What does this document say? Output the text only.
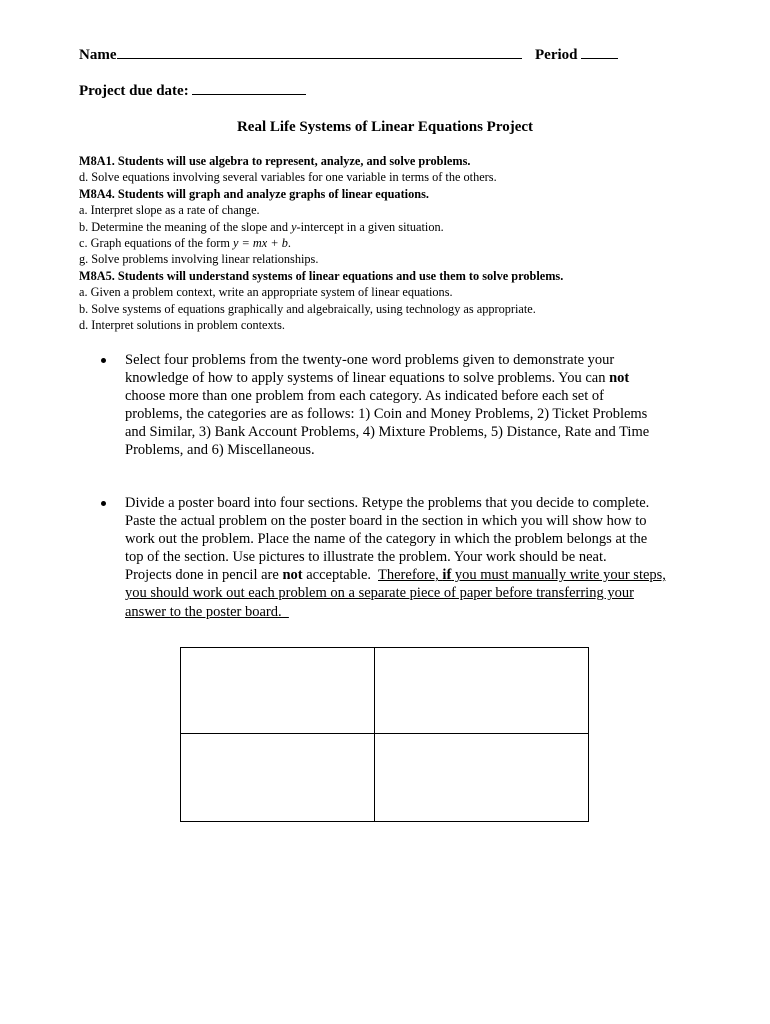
Name	Period
Project due date:
Real Life Systems of Linear Equations Project
M8A1. Students will use algebra to represent, analyze, and solve problems.
d. Solve equations involving several variables for one variable in terms of the others.
M8A4. Students will graph and analyze graphs of linear equations.
a. Interpret slope as a rate of change.
b. Determine the meaning of the slope and y-intercept in a given situation.
c. Graph equations of the form y = mx + b.
g. Solve problems involving linear relationships.
M8A5. Students will understand systems of linear equations and use them to solve problems.
a. Given a problem context, write an appropriate system of linear equations.
b. Solve systems of equations graphically and algebraically, using technology as appropriate.
d. Interpret solutions in problem contexts.
Select four problems from the twenty-one word problems given to demonstrate your
knowledge of how to apply systems of linear equations to solve problems. You can not
choose more than one problem from each category. As indicated before each set of
problems, the categories are as follows: 1) Coin and Money Problems, 2) Ticket Problems
and Similar, 3) Bank Account Problems, 4) Mixture Problems, 5) Distance, Rate and Time
Problems, and 6) Miscellaneous.
Divide a poster board into four sections. Retype the problems that you decide to complete.
Paste the actual problem on the poster board in the section in which you will show how to
work out the problem. Place the name of the category in which the problem belongs at the
top of the section. Use pictures to illustrate the problem. Your work should be neat.
Projects done in pencil are not acceptable.  Therefore, if you must manually write your steps,
you should work out each problem on a separate piece of paper before transferring your
answer to the poster board.
